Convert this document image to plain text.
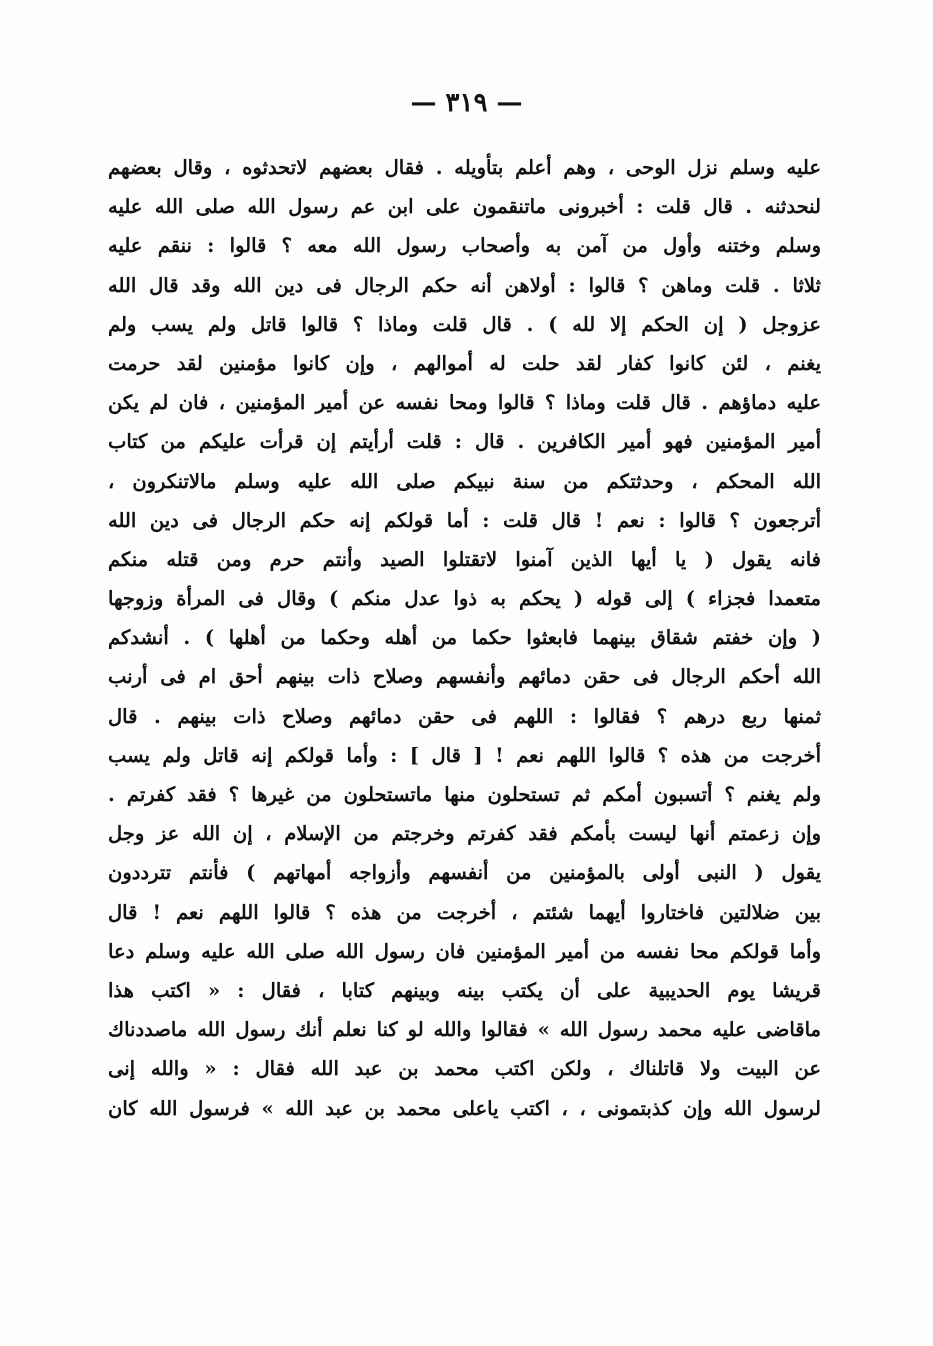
— ٣١٩ —
عليه وسلم نزل الوحى ، وهم أعلم بتأويله . فقال بعضهم لاتحدثوه ، وقال بعضهم
لنحدثنه . قال قلت : أخبرونى ماتنقمون على ابن عم رسول الله صلى الله عليه
وسلم وختنه وأول من آمن به وأصحاب رسول الله معه ؟ قالوا : ننقم عليه
ثلاثا . قلت وماهن ؟ قالوا : أولاهن أنه حكم الرجال فى دين الله وقد قال الله
عزوجل ( إن الحكم إلا لله ) . قال قلت وماذا ؟ قالوا قاتل ولم يسب ولم
يغنم ، لئن كانوا كفار لقد حلت له أموالهم ، وإن كانوا مؤمنين لقد حرمت
عليه دماؤهم . قال قلت وماذا ؟ قالوا ومحا نفسه عن أمير المؤمنين ، فان لم يكن
أمير المؤمنين فهو أمير الكافرين . قال : قلت أرأيتم إن قرأت عليكم من كتاب
الله المحكم ، وحدثتكم من سنة نبيكم صلى الله عليه وسلم مالاتنكرون ،
أترجعون ؟ قالوا : نعم ! قال قلت : أما قولكم إنه حكم الرجال فى دين الله
فانه يقول ( يا أيها الذين آمنوا لاتقتلوا الصيد وأنتم حرم ومن قتله منكم
متعمدا فجزاء ) إلى قوله ( يحكم به ذوا عدل منكم ) وقال فى المرأة وزوجها
( وإن خفتم شقاق بينهما فابعثوا حكما من أهله وحكما من أهلها ) . أنشدكم
الله أحكم الرجال فى حقن دمائهم وأنفسهم وصلاح ذات بينهم أحق ام فى أرنب
ثمنها ربع درهم ؟ فقالوا : اللهم فى حقن دمائهم وصلاح ذات بينهم . قال
أخرجت من هذه ؟ قالوا اللهم نعم ! [ قال ] : وأما قولكم إنه قاتل ولم يسب
ولم يغنم ؟ أتسبون أمكم ثم تستحلون منها ماتستحلون من غيرها ؟ فقد كفرتم .
وإن زعمتم أنها ليست بأمكم فقد كفرتم وخرجتم من الإسلام ، إن الله عز وجل
يقول ( النبى أولى بالمؤمنين من أنفسهم وأزواجه أمهاتهم ) فأنتم تترددون
بين ضلالتين فاختاروا أيهما شئتم ، أخرجت من هذه ؟ قالوا اللهم نعم ! قال
وأما قولكم محا نفسه من أمير المؤمنين فان رسول الله صلى الله عليه وسلم دعا
قريشا يوم الحديبية على أن يكتب بينه وبينهم كتابا ، فقال : « اكتب هذا
ماقاضى عليه محمد رسول الله » فقالوا والله لو كنا نعلم أنك رسول الله ماصددناك
عن البيت ولا قاتلناك ، ولكن اكتب محمد بن عبد الله فقال : « والله إنى
لرسول الله وإن كذبتمونى ، ، اكتب ياعلى محمد بن عبد الله » فرسول الله كان
